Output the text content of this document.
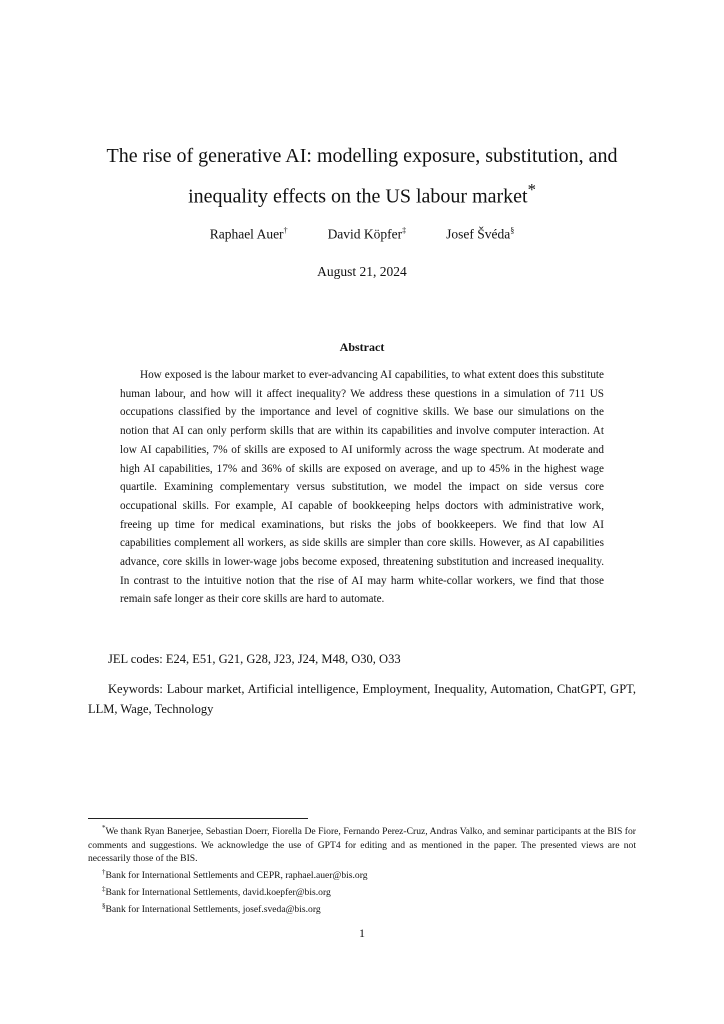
The rise of generative AI: modelling exposure, substitution, and inequality effects on the US labour market*
Raphael Auer†	David Köpfer‡	Josef Švéda§
August 21, 2024
Abstract
How exposed is the labour market to ever-advancing AI capabilities, to what extent does this substitute human labour, and how will it affect inequality? We address these questions in a simulation of 711 US occupations classified by the importance and level of cognitive skills. We base our simulations on the notion that AI can only perform skills that are within its capabilities and involve computer interaction. At low AI capabilities, 7% of skills are exposed to AI uniformly across the wage spectrum. At moderate and high AI capabilities, 17% and 36% of skills are exposed on average, and up to 45% in the highest wage quartile. Examining complementary versus substitution, we model the impact on side versus core occupational skills. For example, AI capable of bookkeeping helps doctors with administrative work, freeing up time for medical examinations, but risks the jobs of bookkeepers. We find that low AI capabilities complement all workers, as side skills are simpler than core skills. However, as AI capabilities advance, core skills in lower-wage jobs become exposed, threatening substitution and increased inequality. In contrast to the intuitive notion that the rise of AI may harm white-collar workers, we find that those remain safe longer as their core skills are hard to automate.
JEL codes: E24, E51, G21, G28, J23, J24, M48, O30, O33
Keywords: Labour market, Artificial intelligence, Employment, Inequality, Automation, ChatGPT, GPT, LLM, Wage, Technology
*We thank Ryan Banerjee, Sebastian Doerr, Fiorella De Fiore, Fernando Perez-Cruz, Andras Valko, and seminar participants at the BIS for comments and suggestions. We acknowledge the use of GPT4 for editing and as mentioned in the paper. The presented views are not necessarily those of the BIS.
†Bank for International Settlements and CEPR, raphael.auer@bis.org
‡Bank for International Settlements, david.koepfer@bis.org
§Bank for International Settlements, josef.sveda@bis.org
1
